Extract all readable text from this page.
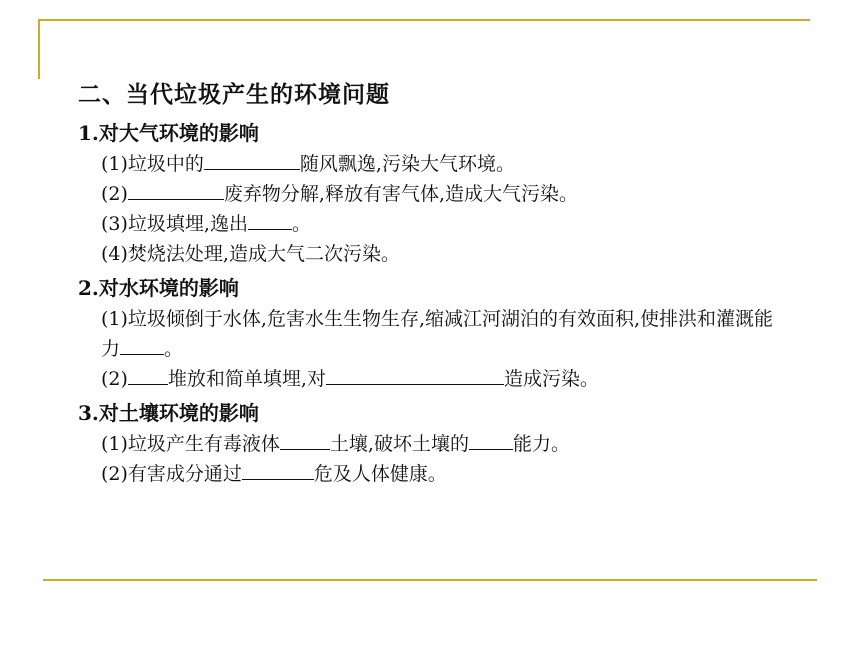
二、当代垃圾产生的环境问题
1.对大气环境的影响
(1)垃圾中的	随风飘逸,污染大气环境。
(2)	废弃物分解,释放有害气体,造成大气污染。
(3)垃圾填埋,逸出 。
(4)焚烧法处理,造成大气二次污染。
2.对水环境的影响
(1)垃圾倾倒于水体,危害水生生物生存,缩减江河湖泊的有效面积,使排洪和灌溉能力 。
(2) 堆放和简单填埋,对	造成污染。
3.对土壤环境的影响
(1)垃圾产生有毒液体	土壤,破坏土壤的 能力。
(2)有害成分通过	危及人体健康。
